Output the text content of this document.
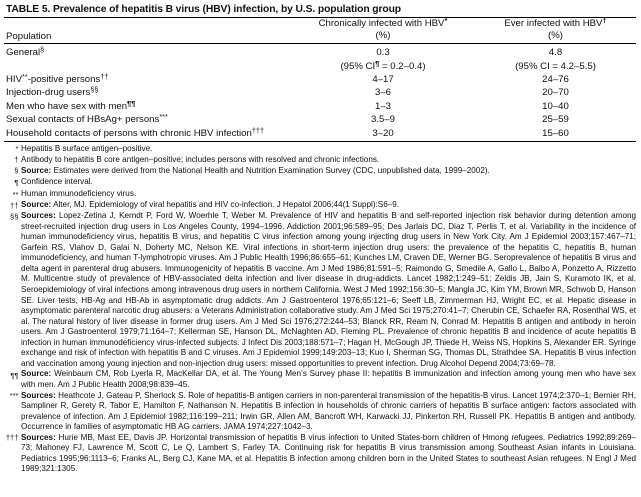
TABLE 5. Prevalence of hepatitis B virus (HBV) infection, by U.S. population group
	Chronically infected with HBV*	Ever infected with HBV†
Population	(%)	(%)
General§	0.3	4.8
	(95% CI¶ = 0.2–0.4)	(95% CI = 4.2–5.5)
HIV**-positive persons††	4–17	24–76
Injection-drug users§§	3–6	20–70
Men who have sex with men¶¶	1–3	10–40
Sexual contacts of HBsAg+ persons***	3.5–9	25–59
Household contacts of persons with chronic HBV infection†††	3–20	15–60
* Hepatitis B surface antigen–positive.
† Antibody to hepatitis B core antigen–positive; includes persons with resolved and chronic infections.
§ Source: Estimates were derived from the National Health and Nutrition Examination Survey (CDC, unpublished data, 1999–2002).
¶ Confidence interval.
** Human immunodeficiency virus.
†† Source: Alter, MJ. Epidemiology of viral hepatitis and HIV co-infection. J Hepatol 2006;44(1 Suppl):S6–9.
§§ Sources: Lopez-Zetina J, Kerndt P, Ford W, Woerhle T, Weber M. Prevalence of HIV and hepatitis B and self-reported injection risk behavior during detention among street-recruited injection drug users in Los Angeles County, 1994–1996. Addiction 2001;96:589–95; Des Jarlais DC, Diaz T, Perlis T, et al. Variability in the incidence of human immunodeficiency virus, hepatitis B virus, and hepatitis C virus infection among young injecting drug users in New York City. Am J Epidemiol 2003;157:467–71; Garfein RS, Vlahov D, Galai N, Doherty MC, Nelson KE. Viral infections in short-term injection drug users: the prevalence of the hepatitis C, hepatitis B, human immunodeficiency, and human T-lymphotropic viruses. Am J Public Health 1996;86:655–61; Kunches LM, Craven DE, Werner BG. Seroprevalence of hepatitis B virus and delta agent in parenteral drug abusers. Immunogenicity of hepatitis B vaccine. Am J Med 1986;81:591–5; Raimondo G, Smedile A, Gallo L, Balbo A, Ponzetto A, Rizzetto M. Multicentre study of prevalence of HBV-associated delta infection and liver disease in drug-addicts. Lancet 1982;1:249–51; Zeldis JB, Jain S, Kuramoto IK, et al. Seroepidemiology of viral infections among intravenous drug users in northern California. West J Med 1992;156:30–5; Mangla JC, Kim YM, Brown MR, Schwob D, Hanson SE. Liver tests, HB-Ag and HB-Ab in asymptomatic drug addicts. Am J Gastroenterol 1976;65:121–6; Seeff LB, Zimmerman HJ, Wright EC, et al. Hepatic disease in asymptomatic parenteral narcotic drug abusers: a Veterans Administration collaborative study. Am J Med Sci 1975;270:41–7; Cherubin CE, Schaefer RA, Rosenthal WS, et al. The natural history of liver disease in former drug users. Am J Med Sci 1976;272:244–53; Blanck RR, Ream N, Conrad M. Hepatitis B antigen and antibody in heroin users. Am J Gastroenterol 1979;71:164–7; Kellerman SE, Hanson DL, McNaghten AD, Fleming PL. Prevalence of chronic hepatitis B and incidence of acute hepatitis B infection in human immunodeficiency virus-infected subjects. J Infect Dis 2003;188:571–7; Hagan H, McGough JP, Thiede H, Weiss NS, Hopkins S, Alexander ER. Syringe exchange and risk of infection with hepatitis B and C viruses. Am J Epidemiol 1999;149:203–13; Kuo I, Sherman SG, Thomas DL, Strathdee SA. Hepatitis B virus infection and vaccination among young injection and non-injection drug users: missed opportunities to prevent infection. Drug Alcohol Depend 2004;73:69–78.
¶¶ Source: Weinbaum CM, Rob Lyerla R, MacKellar DA, et al. The Young Men’s Survey phase II: hepatitis B immunization and infection among young men who have sex with men. Am J Public Health 2008;98:839–45.
*** Sources: Heathcote J, Gateau P, Sherlock S. Role of hepatitis-B antigen carriers in non-parenteral transmission of the hepatitis-B virus. Lancet 1974;2:370–1; Bernier RH, Sampliner R, Gerety R, Tabor E, Hamilton F, Nathanson N. Hepatitis B infection in households of chronic carriers of hepatitis B surface antigen: factors associated with prevalence of infection. Am J Epidemiol 1982;116:199–211; Irwin GR, Allen AM, Bancroft WH, Karwacki JJ, Pinkerton RH, Russell PK. Hepatitis B antigen and antibody. Occurrence in families of asymptomatic HB AG carriers. JAMA 1974;227:1042–3.
††† Sources: Hurie MB, Mast EE, Davis JP. Horizontal transmission of hepatitis B virus infection to United States-born children of Hmong refugees. Pediatrics 1992;89:269–73; Mahoney FJ, Lawrence M, Scott C, Le Q, Lambert S, Farley TA. Continuing risk for hepatitis B virus transmission among Southeast Asian infants in Louisiana. Pediatrics 1995;96:1113–6; Franks AL, Berg CJ, Kane MA, et al. Hepatitis B infection among children born in the United States to southeast Asian refugees. N Engl J Med 1989;321:1305.
